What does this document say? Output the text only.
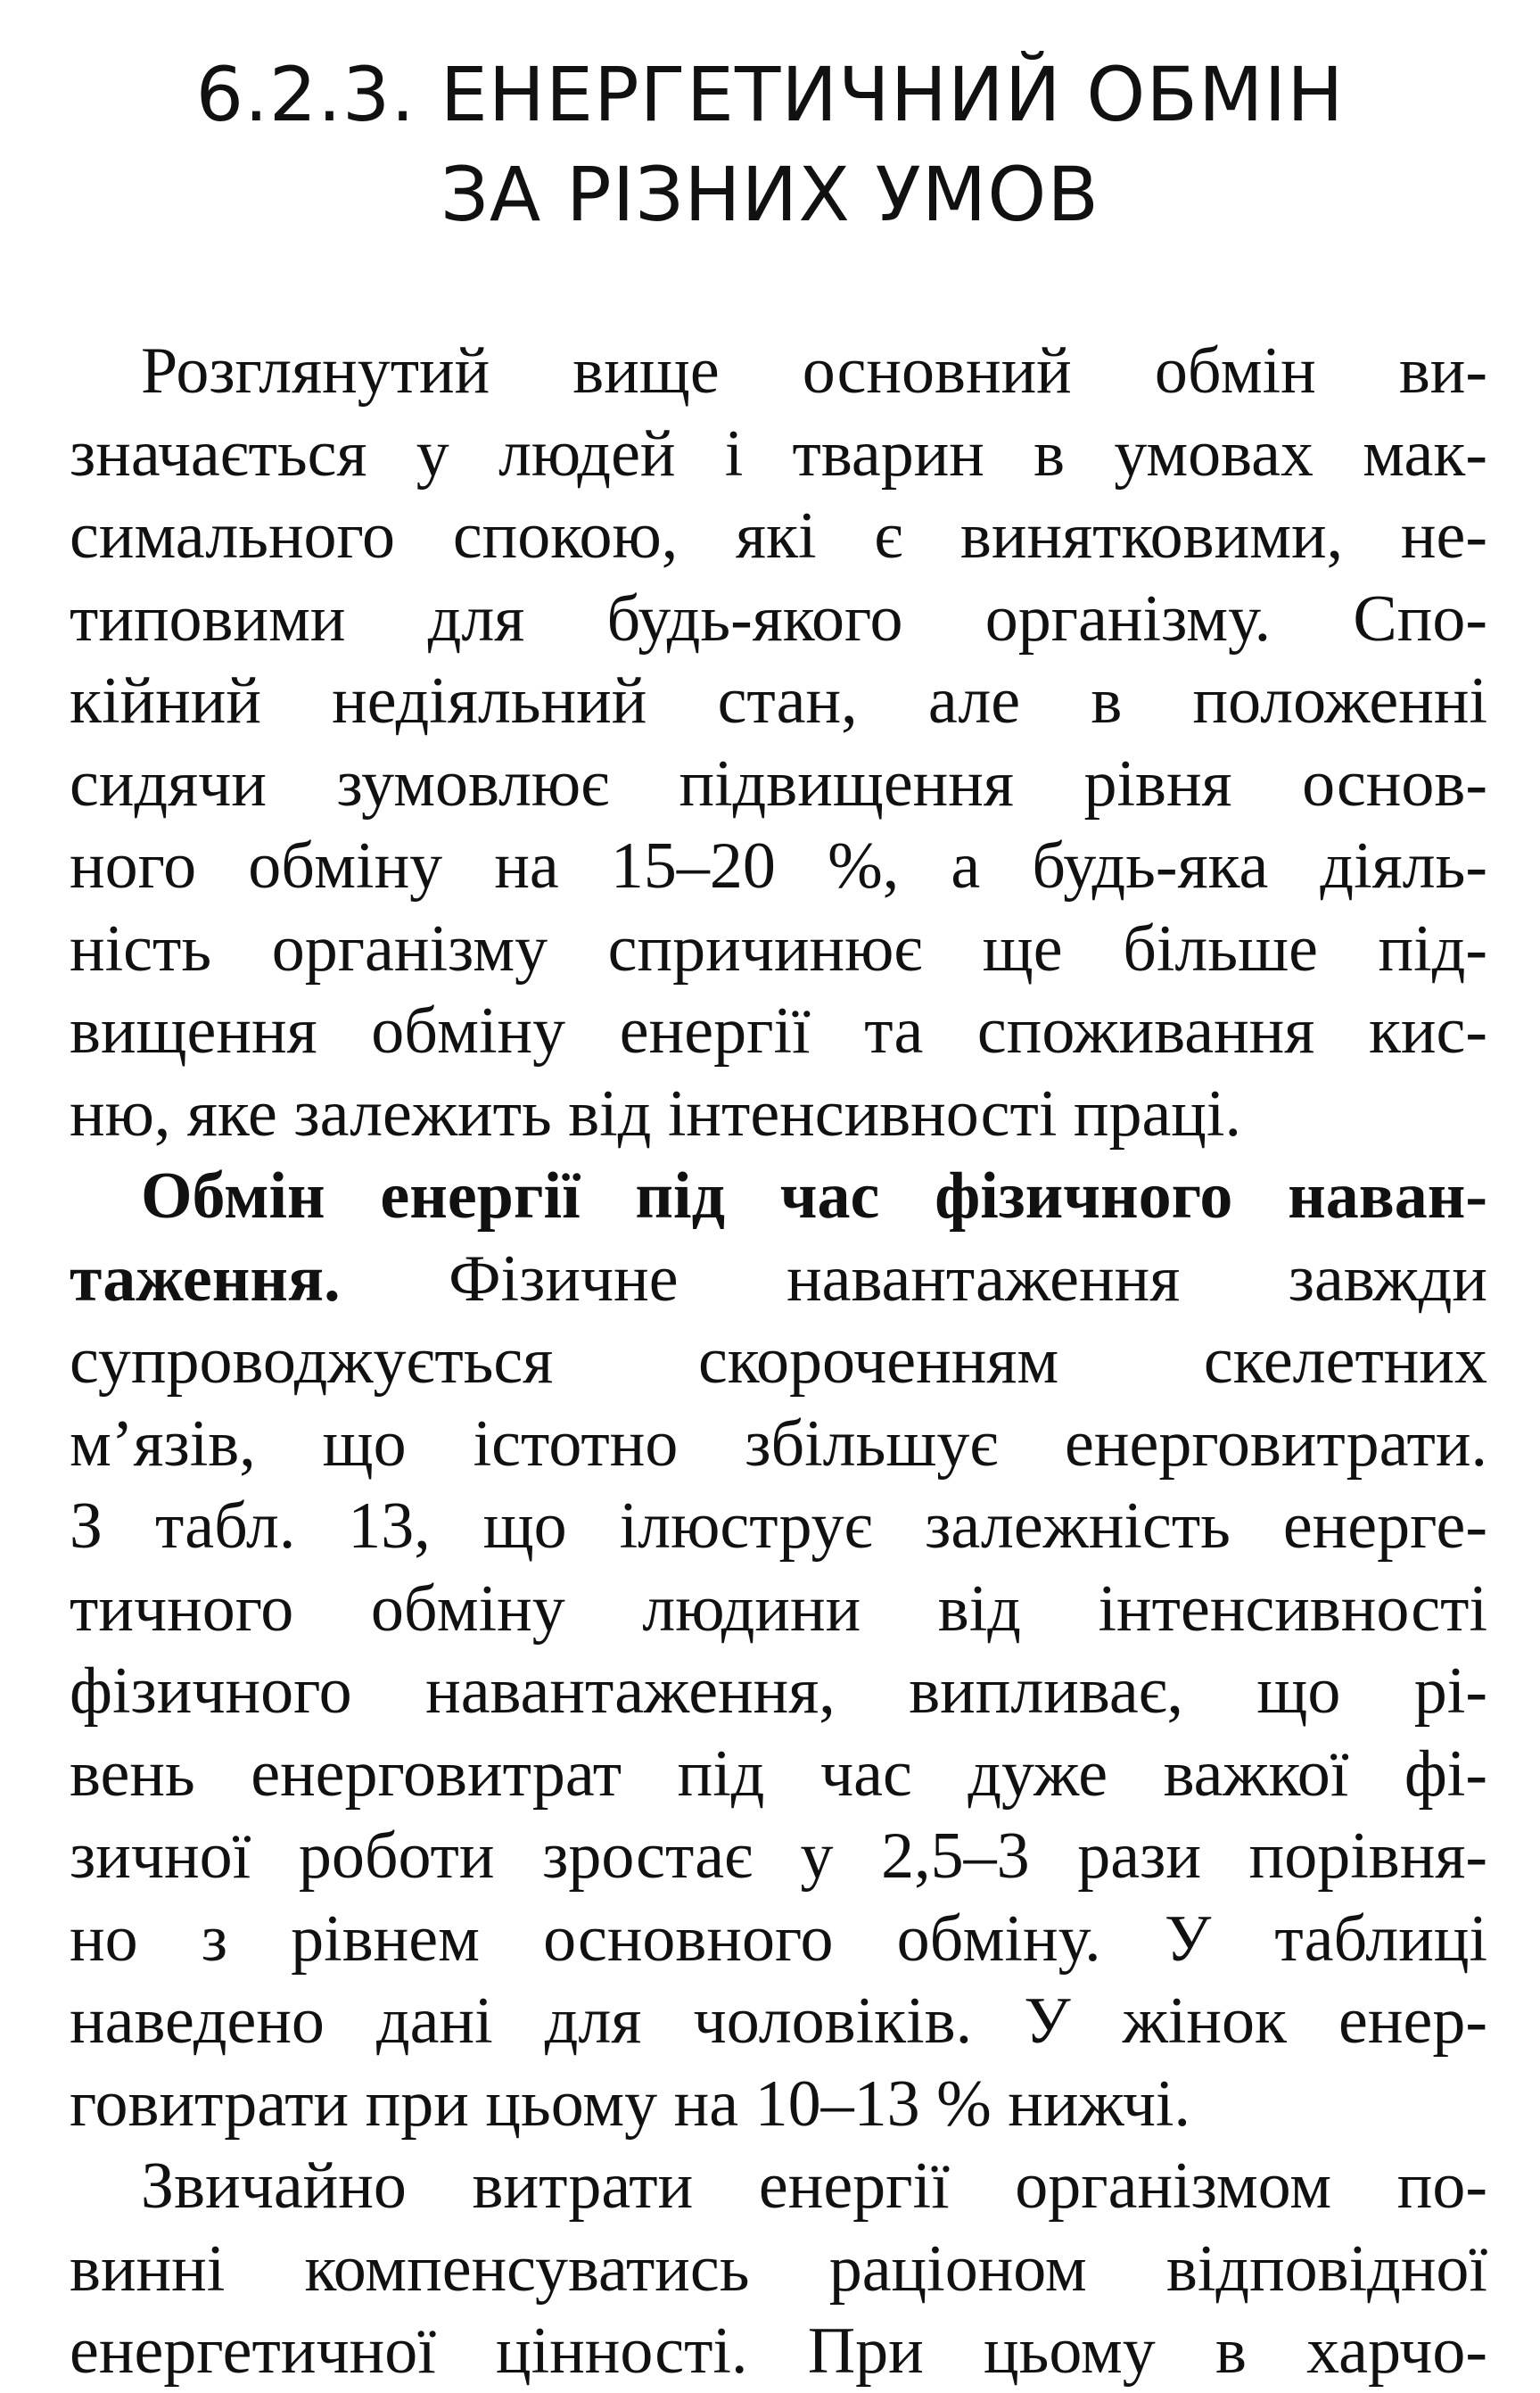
6.2.3. ЕНЕРГЕТИЧНИЙ ОБМІН
ЗА РІЗНИХ УМОВ
Розглянутий вище основний обмін ви-
значається у людей і тварин в умовах мак-
симального спокою, які є винятковими, не-
типовими для будь-якого організму. Спо-
кійний недіяльний стан, але в положенні
сидячи зумовлює підвищення рівня основ-
ного обміну на 15–20 %, а будь-яка діяль-
ність організму спричинює ще більше під-
вищення обміну енергії та споживання кис-
ню, яке залежить від інтенсивності праці.
Обмін енергії під час фізичного наван-
таження. Фізичне навантаження завжди
супроводжується скороченням скелетних
м’язів, що істотно збільшує енерговитрати.
З табл. 13, що ілюструє залежність енерге-
тичного обміну людини від інтенсивності
фізичного навантаження, випливає, що рі-
вень енерговитрат під час дуже важкої фі-
зичної роботи зростає у 2,5–3 рази порівня-
но з рівнем основного обміну. У таблиці
наведено дані для чоловіків. У жінок енер-
говитрати при цьому на 10–13 % нижчі.
Звичайно витрати енергії організмом по-
винні компенсуватись раціоном відповідної
енергетичної цінності. При цьому в харчо-
